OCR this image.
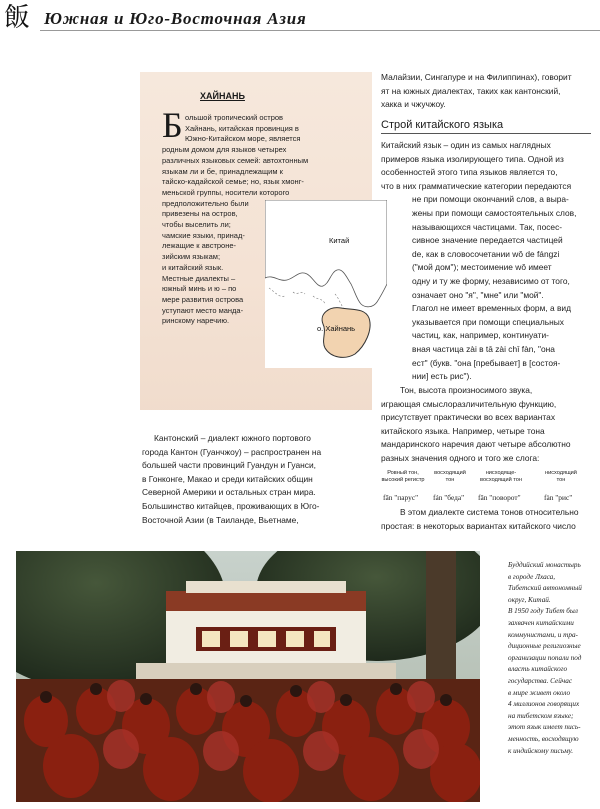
飯 Южная и Юго-Восточная Азия
ХАЙНАНЬ
Б ольшой тропический остров
Хайнань, китайская провинция в
Южно-Китайском море, является
родным домом для языков четырех
различных языковых семей: автохтонным
языкам ли и бе, принадлежащим к
тайско-кадайской семье; но, язык хмонг-
меньской группы, носители которого
предположительно были
привезены на остров,
чтобы выселить ли;
чамские языки, принад-
лежащие к австроне-
зийским языкам;
и китайский язык.
Местные диалекты –
южный минь и ю – по
мере развития острова
уступают место мандa-
ринскому наречию.
Китай
о. Хайнань
Кантонский – диалект южного портового
города Кантон (Гуанчжоу) – распространен на
большей части провинций Гуандун и Гуанси,
в Гонконге, Макао и среди китайских общин
Северной Америки и остальных стран мира.
Большинство китайцев, проживающих в Юго-
Восточной Азии (в Таиланде, Вьетнаме,
Малайзии, Сингапуре и на Филиппинах), говорит
ят на южных диалектах, таких как кантонский,
хакка и чжучжоу.
Строй китайского языка
Китайский язык – один из самых наглядных
примеров языка изолирующего типа. Одной из
особенностей этого типа языков является то,
что в них грамматические категории передаются
не при помощи окончаний слов, а выра-
жены при помощи самостоятельных слов,
называющихся частицами. Так, посес-
сивное значение передается частицей
de, как в словосочетании wǒ de fángzi
("мой дом"); местоимение wǒ имеет
одну и ту же форму, независимо от того,
означает оно "я", "мне" или "мой".
Глагол не имеет временных форм, а вид
указывается при помощи специальных
частиц, как, например, континуати-
вная частица zài в tā zài chī fàn, "она
ест" (букв. "она [пребывает] в [состоя-
нии] есть рис").
Тон, высота произносимого звука,
играющая смыслоразличительную функцию,
присутствует практически во всех вариантах
китайского языка. Например, четыре тона
мандаринского наречия дают четыре абсолютно
разных значения одного и того же слога:
Ровный тон,
высокий регистр
восходящий
тон
нисходяще-
восходящий тон
нисходящий
тон
fān "парус" fán "беда" fǎn "поворот"	fàn "рис"
В этом диалекте система тонов относительно
простая: в некоторых вариантах китайского число
Буддийский монастырь
в городе Лхаса,
Тибетский автономный
округ, Китай.
В 1950 году Тибет был
захвачен китайскими
коммунистами, и тра-
диционные религиозные
организации попали под
власть китайского
государства. Сейчас
в мире живет около
4 миллионов говорящих
на тибетском языке;
этот язык имеет пись-
менность, восходящую
к индийскому письму.
